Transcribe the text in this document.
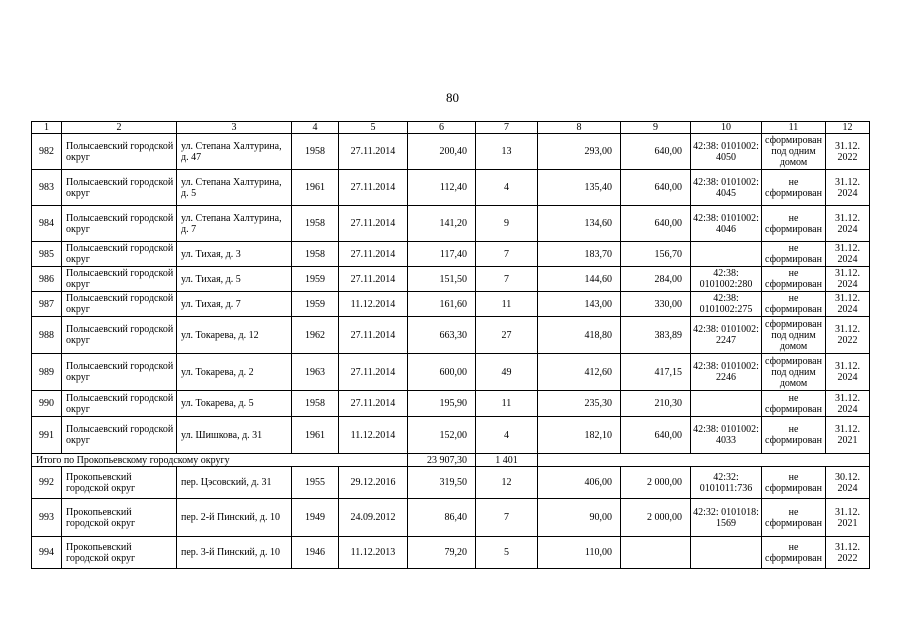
80
1	2	3	4	5	6	7	8	9	10	11	12
982	Полысаевский городской округ	ул. Степана Халтурина, д. 47	1958	27.11.2014	200,40	13	293,00	640,00	42:38: 0101002: 4050	сформирован под одним домом	31.12. 2022
983	Полысаевский городской округ	ул. Степана Халтурина, д. 5	1961	27.11.2014	112,40	4	135,40	640,00	42:38: 0101002: 4045	не сформирован	31.12. 2024
984	Полысаевский городской округ	ул. Степана Халтурина, д. 7	1958	27.11.2014	141,20	9	134,60	640,00	42:38: 0101002: 4046	не сформирован	31.12. 2024
985	Полысаевский городской округ	ул. Тихая, д. 3	1958	27.11.2014	117,40	7	183,70	156,70		не сформирован	31.12. 2024
986	Полысаевский городской округ	ул. Тихая, д. 5	1959	27.11.2014	151,50	7	144,60	284,00	42:38: 0101002:280	не сформирован	31.12. 2024
987	Полысаевский городской округ	ул. Тихая, д. 7	1959	11.12.2014	161,60	11	143,00	330,00	42:38: 0101002:275	не сформирован	31.12. 2024
988	Полысаевский городской округ	ул. Токарева, д. 12	1962	27.11.2014	663,30	27	418,80	383,89	42:38: 0101002: 2247	сформирован под одним домом	31.12. 2022
989	Полысаевский городской округ	ул. Токарева, д. 2	1963	27.11.2014	600,00	49	412,60	417,15	42:38: 0101002: 2246	сформирован под одним домом	31.12. 2024
990	Полысаевский городской округ	ул. Токарева, д. 5	1958	27.11.2014	195,90	11	235,30	210,30		не сформирован	31.12. 2024
991	Полысаевский городской округ	ул. Шишкова, д. 31	1961	11.12.2014	152,00	4	182,10	640,00	42:38: 0101002: 4033	не сформирован	31.12. 2021
Итого по Прокопьевскому городскому округу					23 907,30	1 401					
992	Прокопьевский городской округ	пер. Цэсовский, д. 31	1955	29.12.2016	319,50	12	406,00	2 000,00	42:32: 0101011:736	не сформирован	30.12. 2024
993	Прокопьевский городской округ	пер. 2-й Пинский, д. 10	1949	24.09.2012	86,40	7	90,00	2 000,00	42:32: 0101018: 1569	не сформирован	31.12. 2021
994	Прокопьевский городской округ	пер. 3-й Пинский, д. 10	1946	11.12.2013	79,20	5	110,00			не сформирован	31.12. 2022
